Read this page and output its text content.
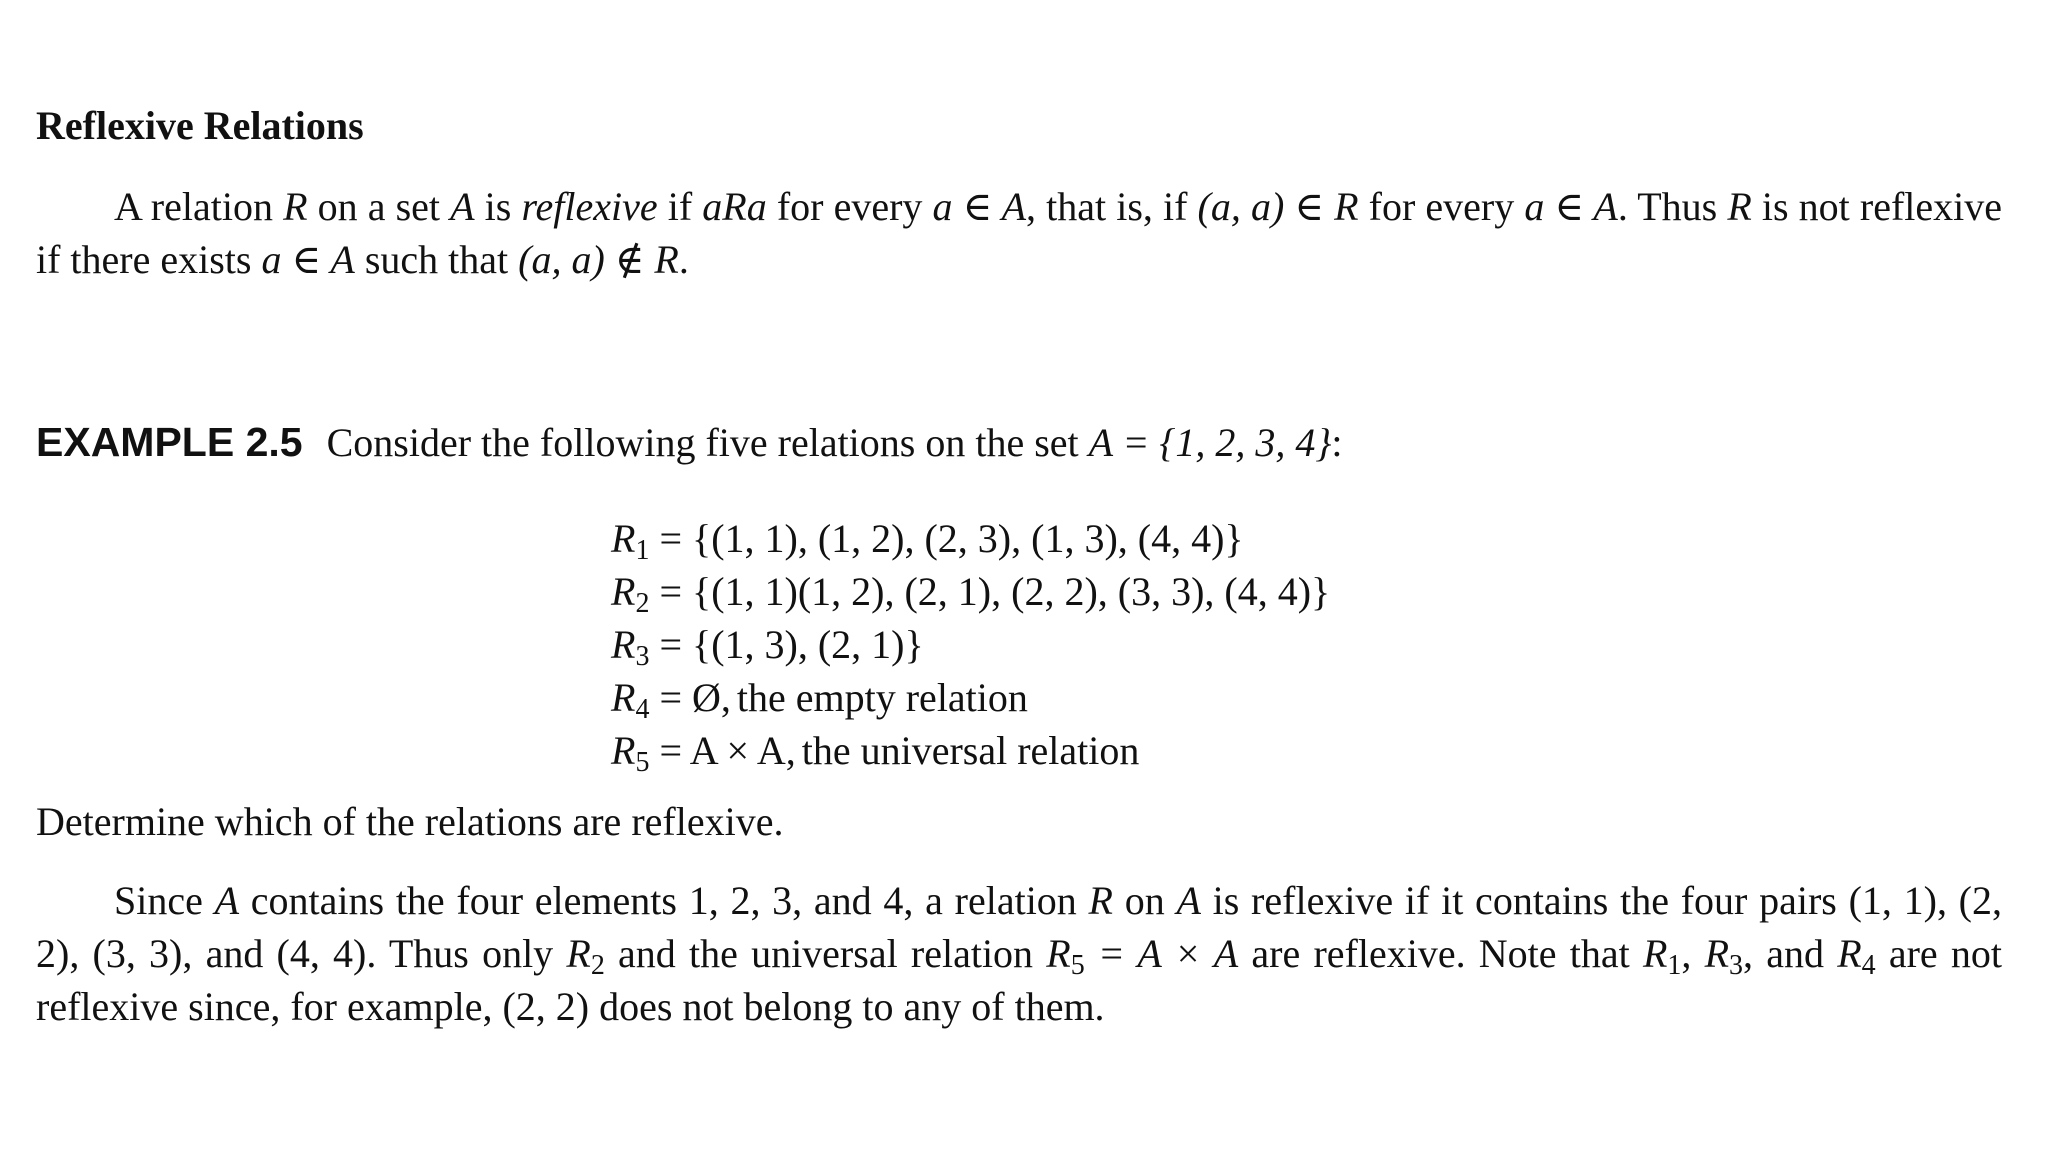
Reflexive Relations

A relation R on a set A is reflexive if aRa for every a ∈ A, that is, if (a, a) ∈ R for every a ∈ A. Thus R is not reflexive if there exists a ∈ A such that (a, a) ∉ R.

EXAMPLE 2.5 Consider the following five relations on the set A = {1, 2, 3, 4}:
$R_1 = \{(1$, 1), (1, 2), (2, 3), (1, 3), (4, 4)}
$R_2 = \{(1$, 1)(1, 2), (2, 1), (2, 2), (3, 3), (4, 4)}
$R_3 = \{(1$, 3), (2, 1)}
$R_4$ = Ø, the empty relation
$R_5 = A \times A$, the universal relation

Determine which of the relations are reflexive.

Since A contains the four elements 1, 2, 3, and 4, a relation R on A is reflexive if it contains the four pairs (1, 1), (2, 2), (3, 3), and (4, 4). Thus only $R_2$ and the universal relation $R_5 = A \times A$ are reflexive. Note that $R_1$, $R_3$, and $R_4$ are not reflexive since, for example, (2, 2) does not belong to any of them.
